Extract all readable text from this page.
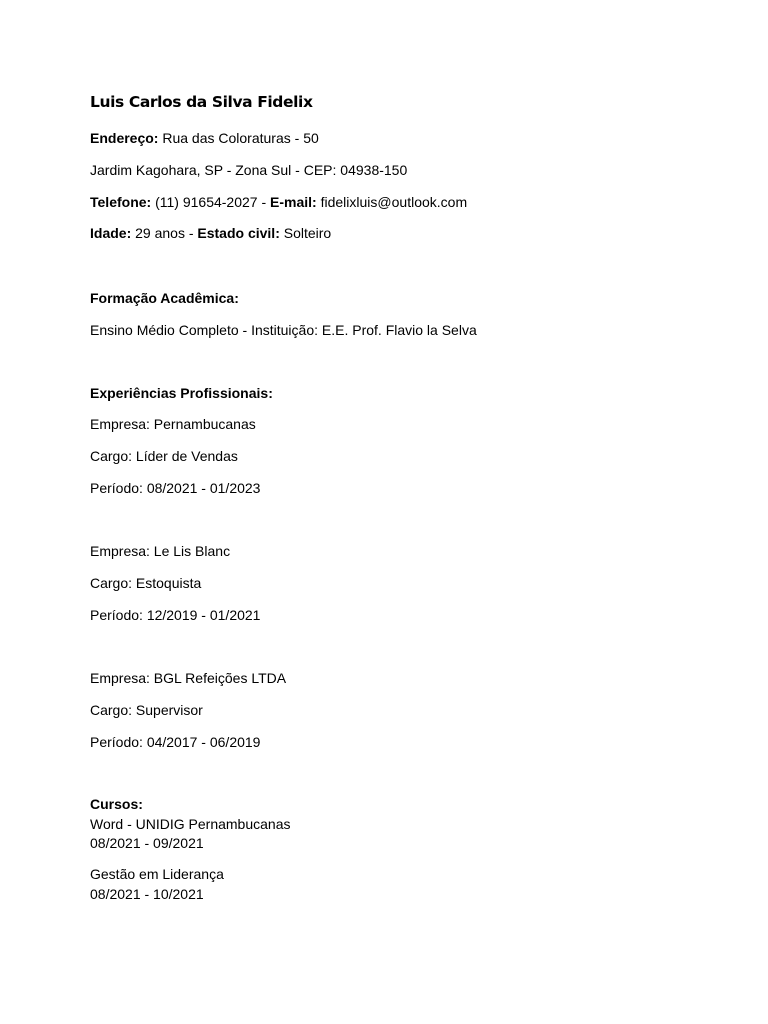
Luis Carlos da Silva Fidelix
Endereço: Rua das Coloraturas - 50
Jardim Kagohara, SP - Zona Sul - CEP: 04938-150
Telefone: (11) 91654-2027 - E-mail: fidelixluis@outlook.com
Idade: 29 anos - Estado civil: Solteiro
Formação Acadêmica:
Ensino Médio Completo - Instituição: E.E. Prof. Flavio la Selva
Experiências Profissionais:
Empresa: Pernambucanas
Cargo: Líder de Vendas
Período: 08/2021 - 01/2023
Empresa: Le Lis Blanc
Cargo: Estoquista
Período: 12/2019 - 01/2021
Empresa: BGL Refeições LTDA
Cargo: Supervisor
Período: 04/2017 - 06/2019
Cursos:
Word - UNIDIG Pernambucanas
08/2021 - 09/2021
Gestão em Liderança
08/2021 - 10/2021
